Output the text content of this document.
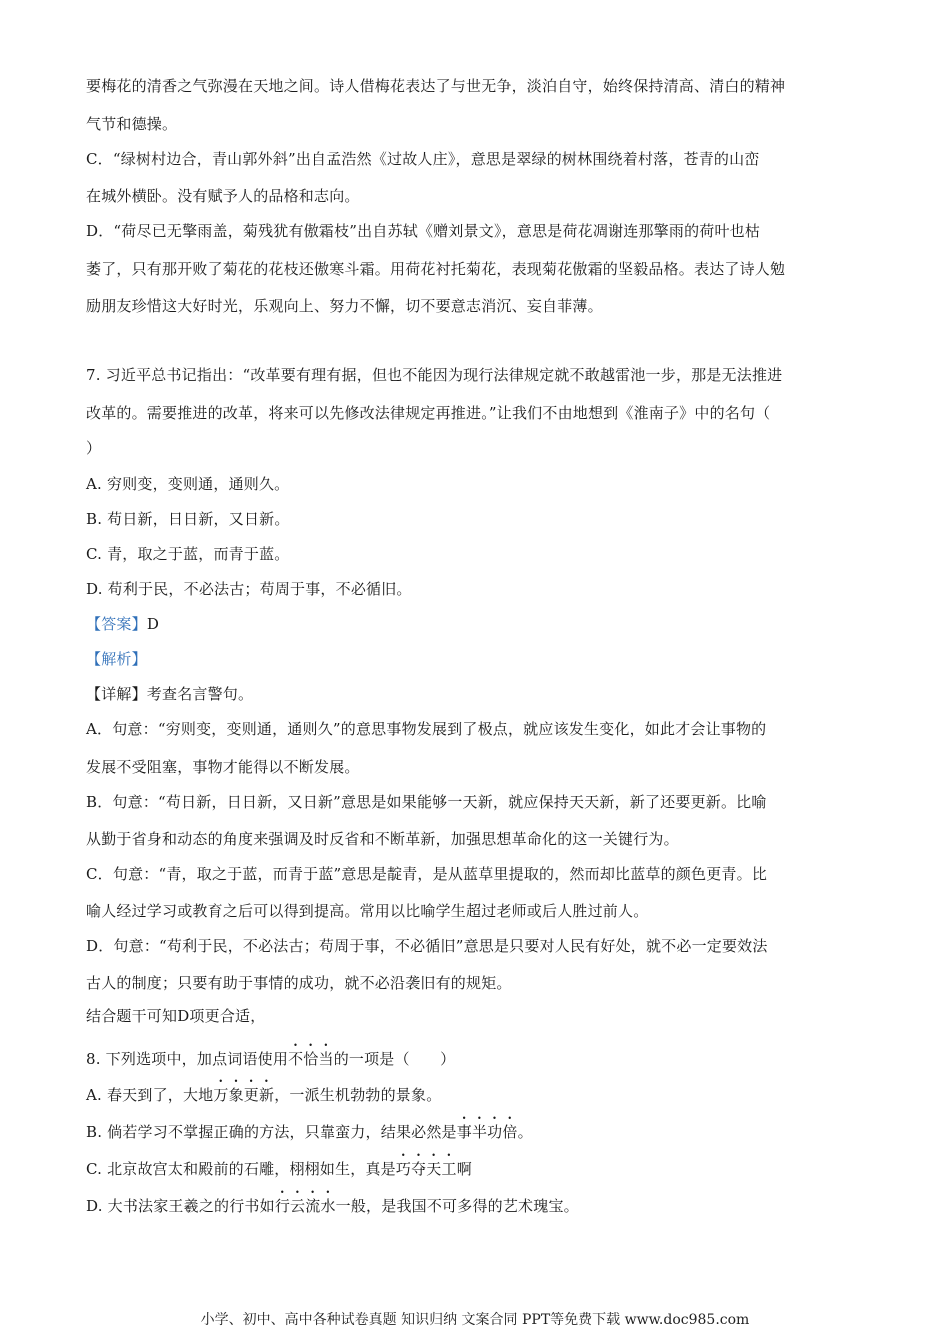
要梅花的清香之气弥漫在天地之间。诗人借梅花表达了与世无争，淡泊自守，始终保持清高、清白的精神
气节和德操。
C．“绿树村边合，青山郭外斜”出自孟浩然《过故人庄》，意思是翠绿的树林围绕着村落，苍青的山峦
在城外横卧。没有赋予人的品格和志向。
D．“荷尽已无擎雨盖，菊残犹有傲霜枝”出自苏轼《赠刘景文》，意思是荷花凋谢连那擎雨的荷叶也枯
萎了，只有那开败了菊花的花枝还傲寒斗霜。用荷花衬托菊花，表现菊花傲霜的坚毅品格。表达了诗人勉
励朋友珍惜这大好时光，乐观向上、努力不懈，切不要意志消沉、妄自菲薄。
7. 习近平总书记指出：“改革要有理有据，但也不能因为现行法律规定就不敢越雷池一步，那是无法推进
改革的。需要推进的改革，将来可以先修改法律规定再推进。”让我们不由地想到《淮南子》中的名句（
）
A. 穷则变，变则通，通则久。
B. 苟日新，日日新，又日新。
C. 青，取之于蓝，而青于蓝。
D. 苟利于民，不必法古；苟周于事，不必循旧。
【答案】D
【解析】
【详解】考查名言警句。
A．句意：“穷则变，变则通，通则久”的意思事物发展到了极点，就应该发生变化，如此才会让事物的
发展不受阻塞，事物才能得以不断发展。
B．句意：“苟日新，日日新，又日新”意思是如果能够一天新，就应保持天天新，新了还要更新。比喻
从勤于省身和动态的角度来强调及时反省和不断革新，加强思想革命化的这一关键行为。
C．句意：“青，取之于蓝，而青于蓝”意思是靛青，是从蓝草里提取的，然而却比蓝草的颜色更青。比
喻人经过学习或教育之后可以得到提高。常用以比喻学生超过老师或后人胜过前人。
D．句意：“苟利于民，不必法古；苟周于事，不必循旧”意思是只要对人民有好处，就不必一定要效法
古人的制度；只要有助于事情的成功，就不必沿袭旧有的规矩。
结合题干可知D项更合适，
8. 下列选项中，加点词语使用不恰当的一项是（　　）
A. 春天到了，大地万象更新，一派生机勃勃的景象。
B. 倘若学习不掌握正确的方法，只靠蛮力，结果必然是事半功倍。
C. 北京故宫太和殿前的石雕，栩栩如生，真是巧夺天工啊
D. 大书法家王羲之的行书如行云流水一般，是我国不可多得的艺术瑰宝。
小学、初中、高中各种试卷真题 知识归纳 文案合同 PPT等免费下载 www.doc985.com
